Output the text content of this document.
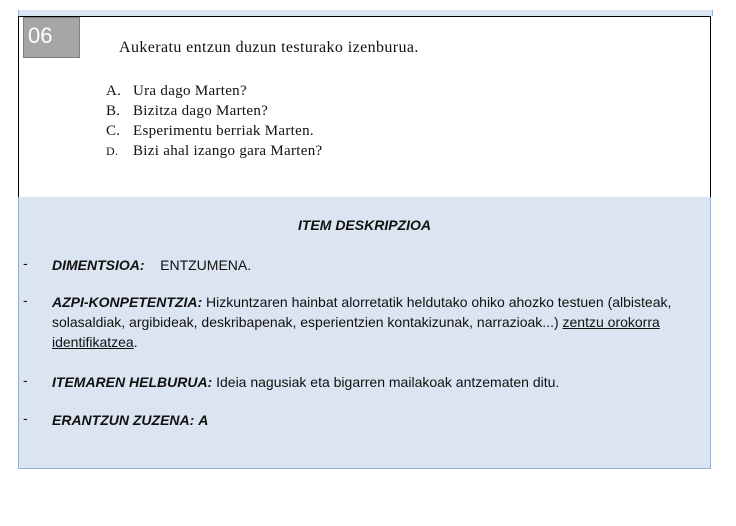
06	Aukeratu entzun duzun testurako izenburua.
A. Ura dago Marten?
B. Bizitza dago Marten?
C. Esperimentu berriak Marten.
D. Bizi ahal izango gara Marten?
ITEM DESKRIPZIOA
- DIMENTSIOA: ENTZUMENA.
- AZPI-KONPETENTZIA: Hizkuntzaren hainbat alorretatik heldutako ohiko ahozko testuen (albisteak, solasaldiak, argibideak, deskribapenak, esperientzien kontakizunak, narrazioak...) zentzu orokorra identifikatzea.
- ITEMAREN HELBURUA: Ideia nagusiak eta bigarren mailakoak antzematen ditu.
- ERANTZUN ZUZENA: A
